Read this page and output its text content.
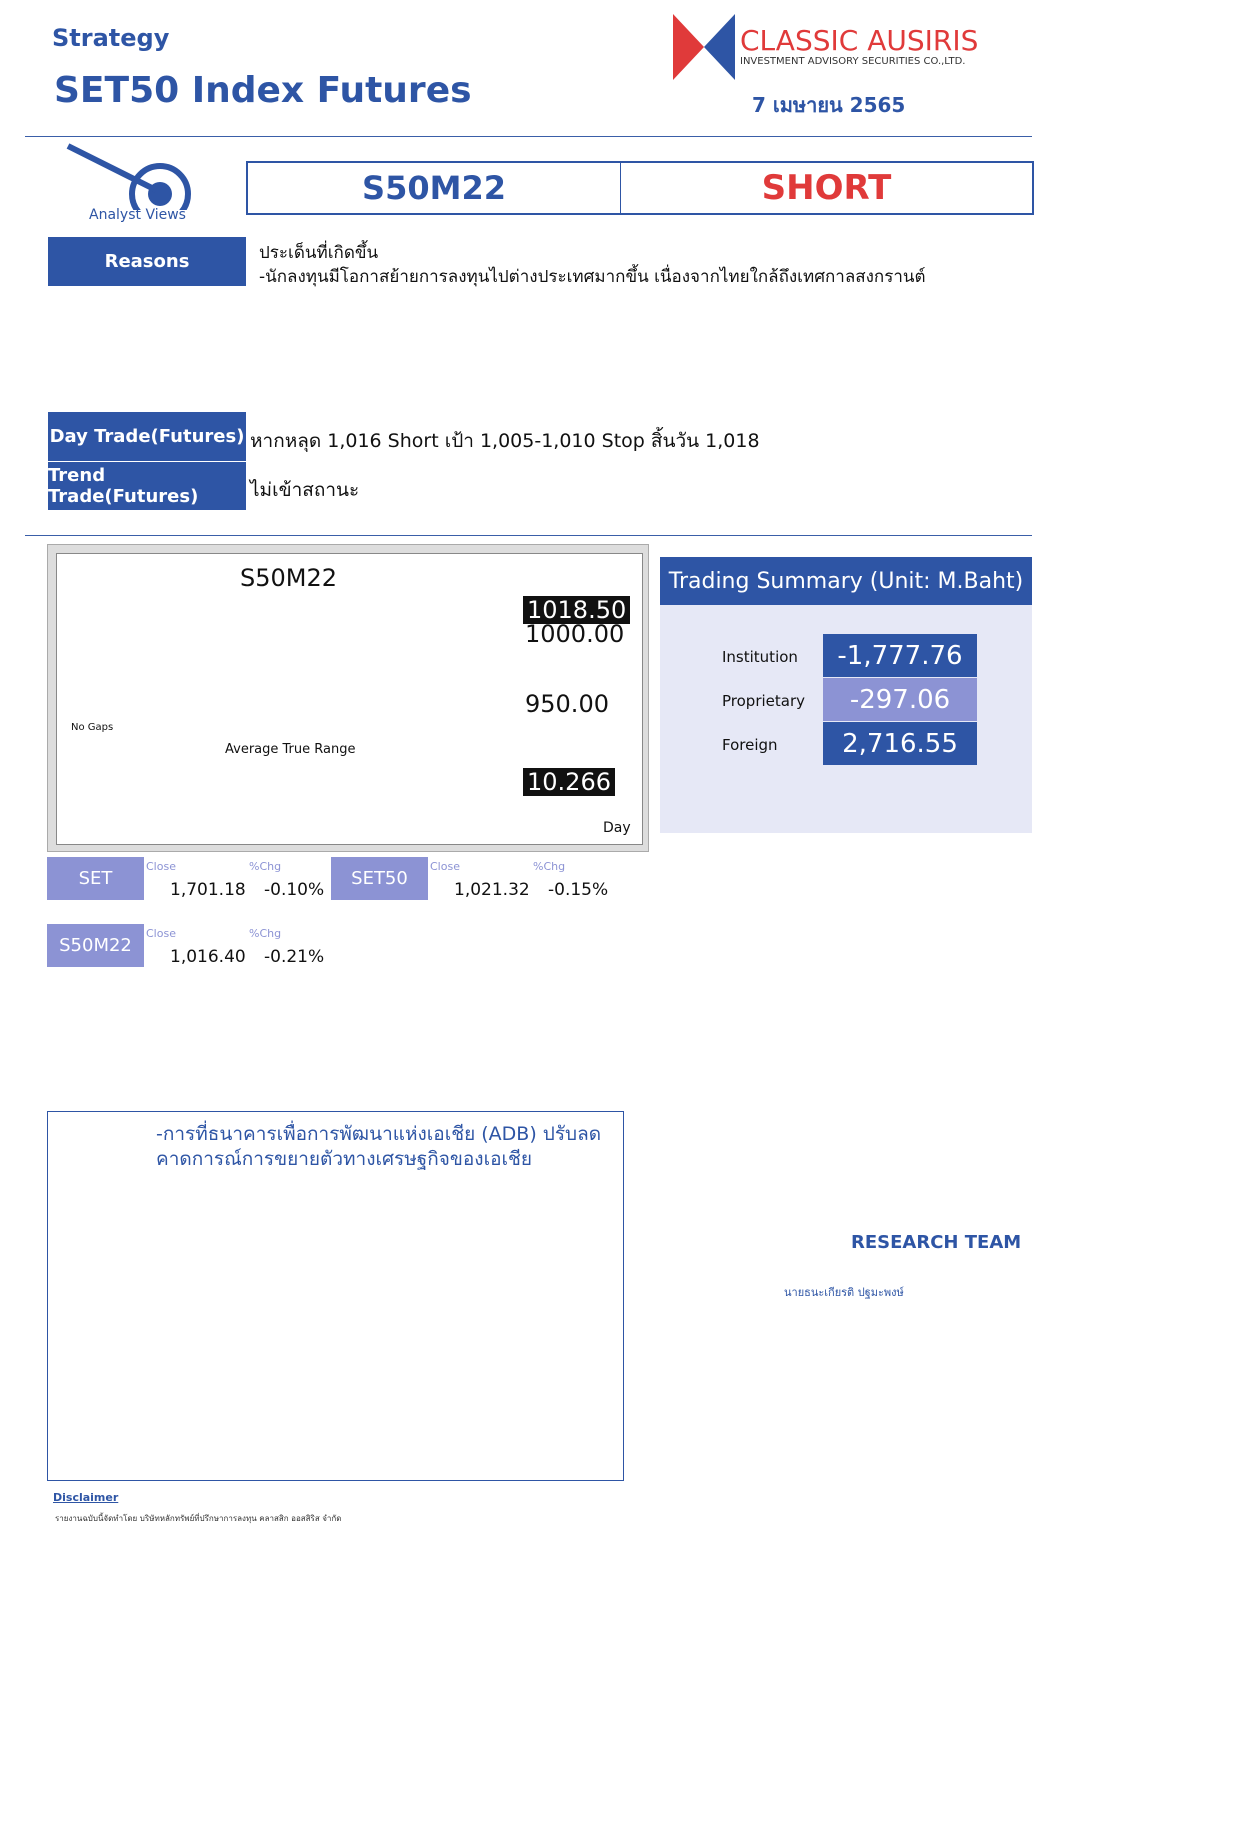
Strategy
SET50 Index Futures
CLASSIC AUSIRIS
INVESTMENT ADVISORY SECURITIES CO.,LTD.
7 เมษายน 2565
Analyst Views
S50M22	SHORT
Reasons	ประเด็นที่เกิดขึ้น
-นักลงทุนมีโอกาสย้ายการลงทุนไปต่างประเทศมากขึ้น เนื่องจากไทยใกล้ถึงเทศกาลสงกรานต์
Day Trade(Futures) หากหลุด 1,016 Short เป้า 1,005-1,010 Stop สิ้นวัน 1,018
Trend Trade(Futures)	ไม่เข้าสถานะ
S50M22
1018.50
1000.00
950.00
No Gaps
Average True Range
10.266
Day
SET
Close	%Chg
1,701.18 -0.10%
SET50
Close	%Chg
1,021.32 -0.15%
S50M22
Close	%Chg
1,016.40 -0.21%
Trading Summary (Unit: M.Baht)
Institution	-1,777.76
Proprietary	-297.06
Foreign	2,716.55
-การที่ธนาคารเพื่อการพัฒนาแห่งเอเชีย (ADB) ปรับลดคาดการณ์การขยายตัวทางเศรษฐกิจของเอเชีย
RESEARCH TEAM
นายธนะเกียรติ ปฐมะพงษ์
Disclaimer
รายงานฉบับนี้จัดทำโดย บริษัทหลักทรัพย์ที่ปรึกษาการลงทุน คลาสสิก ออสสิริส จำกัด
